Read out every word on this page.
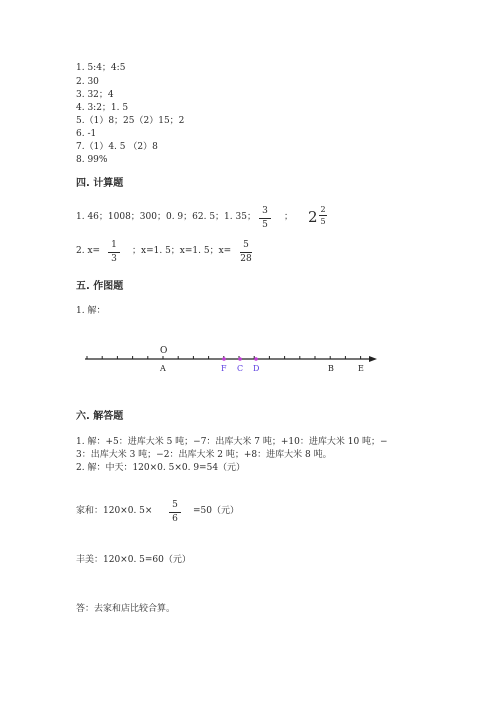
1. 5:4；4:5
2. 30
3. 32；4
4. 3:2；1. 5
5.（1）8；25（2）15；2
6. -1
7.（1）4. 5 （2）8
8. 99%
四. 计算题
1. 46；1008；300；0. 9；62. 5；1. 35；
3
5
； 2 2
5
2. x=
1
3
；x=1. 5；x=1. 5；x=
5
28
五. 作图题
1. 解：
O
A	F C D	B	E
六. 解答题
1. 解：+5：进库大米 5 吨；−7：出库大米 7 吨；+10：进库大米 10 吨；−
3：出库大米 3 吨；−2：出库大米 2 吨；+8：进库大米 8 吨。
2. 解：中天：120×0. 5×0. 9=54（元）
家和：120×0. 5×
5
6
=50（元）
丰美：120×0. 5=60（元）
答：去家和店比较合算。
